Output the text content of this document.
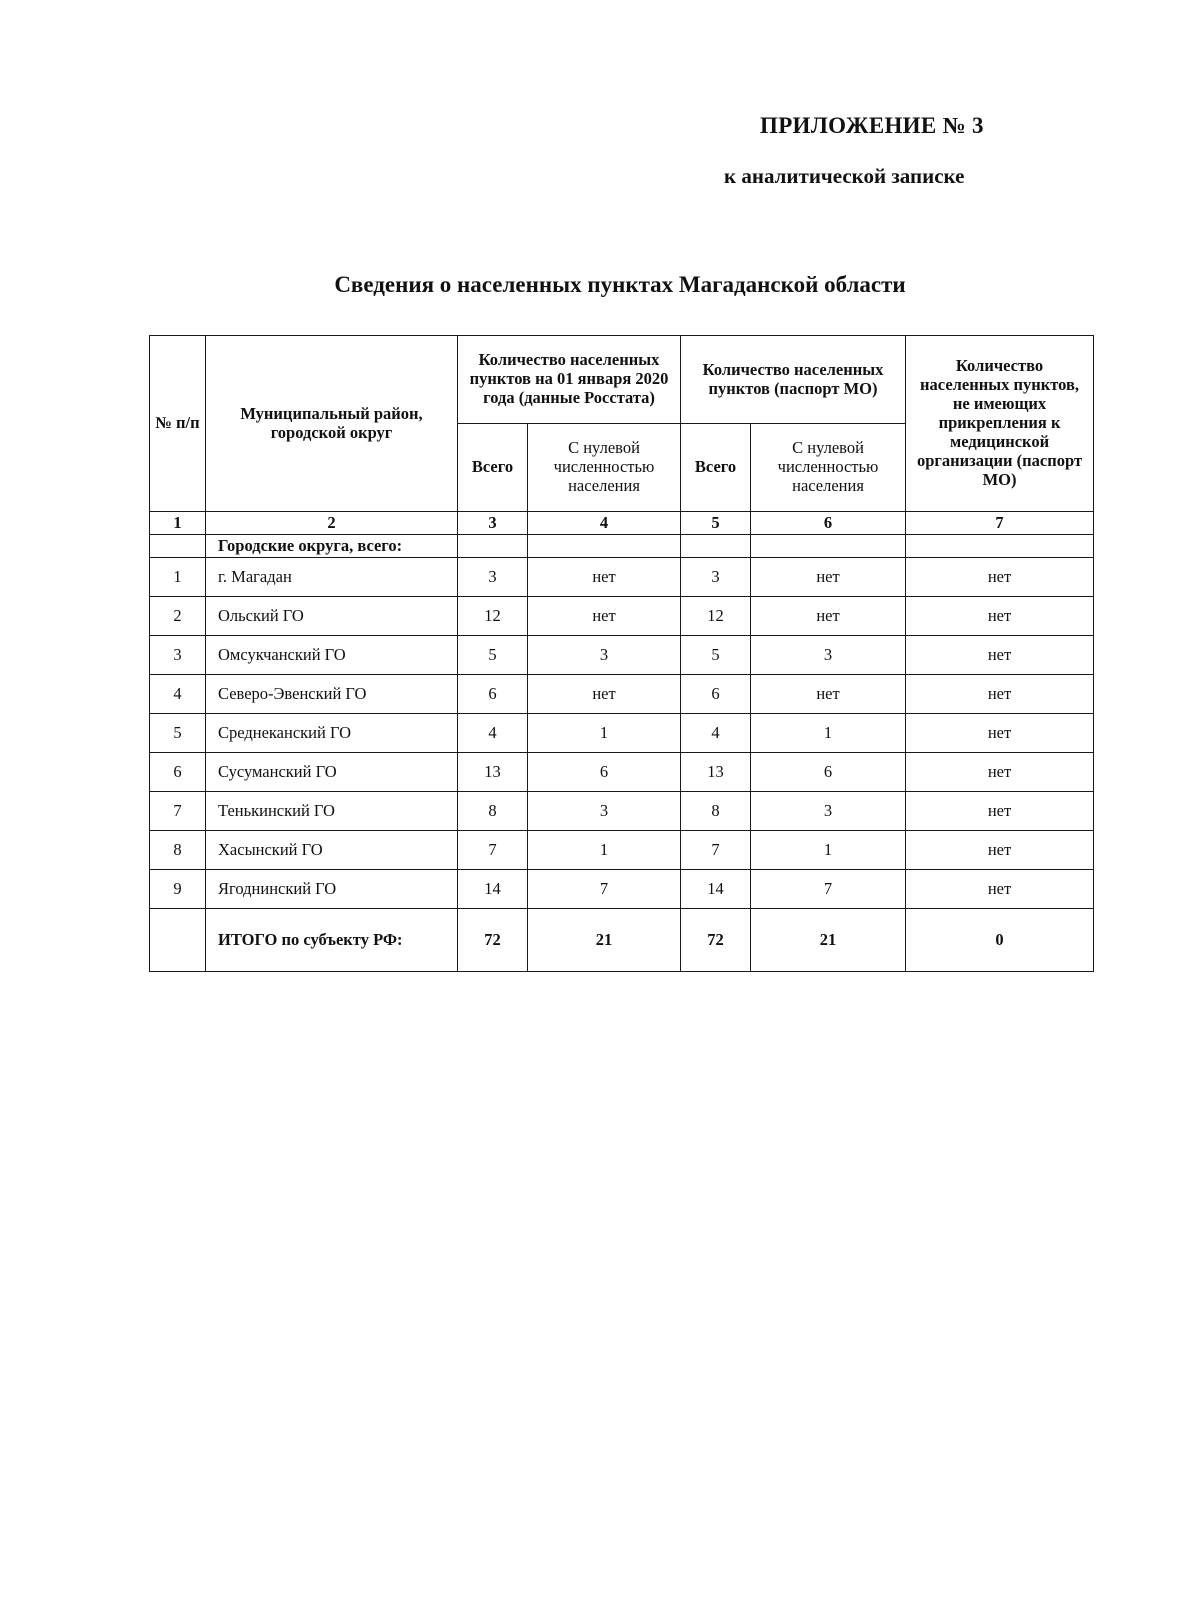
ПРИЛОЖЕНИЕ № 3
к аналитической записке
Сведения о населенных пунктах Магаданской области
№ п/п	Муниципальный район, городской округ	Количество населенных пунктов на 01 января 2020 года (данные Росстата)		Количество населенных пунктов (паспорт МО)		Количество населенных пунктов, не имеющих прикрепления к медицинской организации (паспорт МО)
		Всего	С нулевой численностью населения	Всего	С нулевой численностью населения	
1	2	3	4	5	6	7
	Городские округа, всего:					
1	г. Магадан	3	нет	3	нет	нет
2	Ольский ГО	12	нет	12	нет	нет
3	Омсукчанский ГО	5	3	5	3	нет
4	Северо-Эвенский ГО	6	нет	6	нет	нет
5	Среднеканский ГО	4	1	4	1	нет
6	Сусуманский ГО	13	6	13	6	нет
7	Тенькинский ГО	8	3	8	3	нет
8	Хасынский ГО	7	1	7	1	нет
9	Ягоднинский ГО	14	7	14	7	нет
	ИТОГО по субъекту РФ:	72	21	72	21	0
